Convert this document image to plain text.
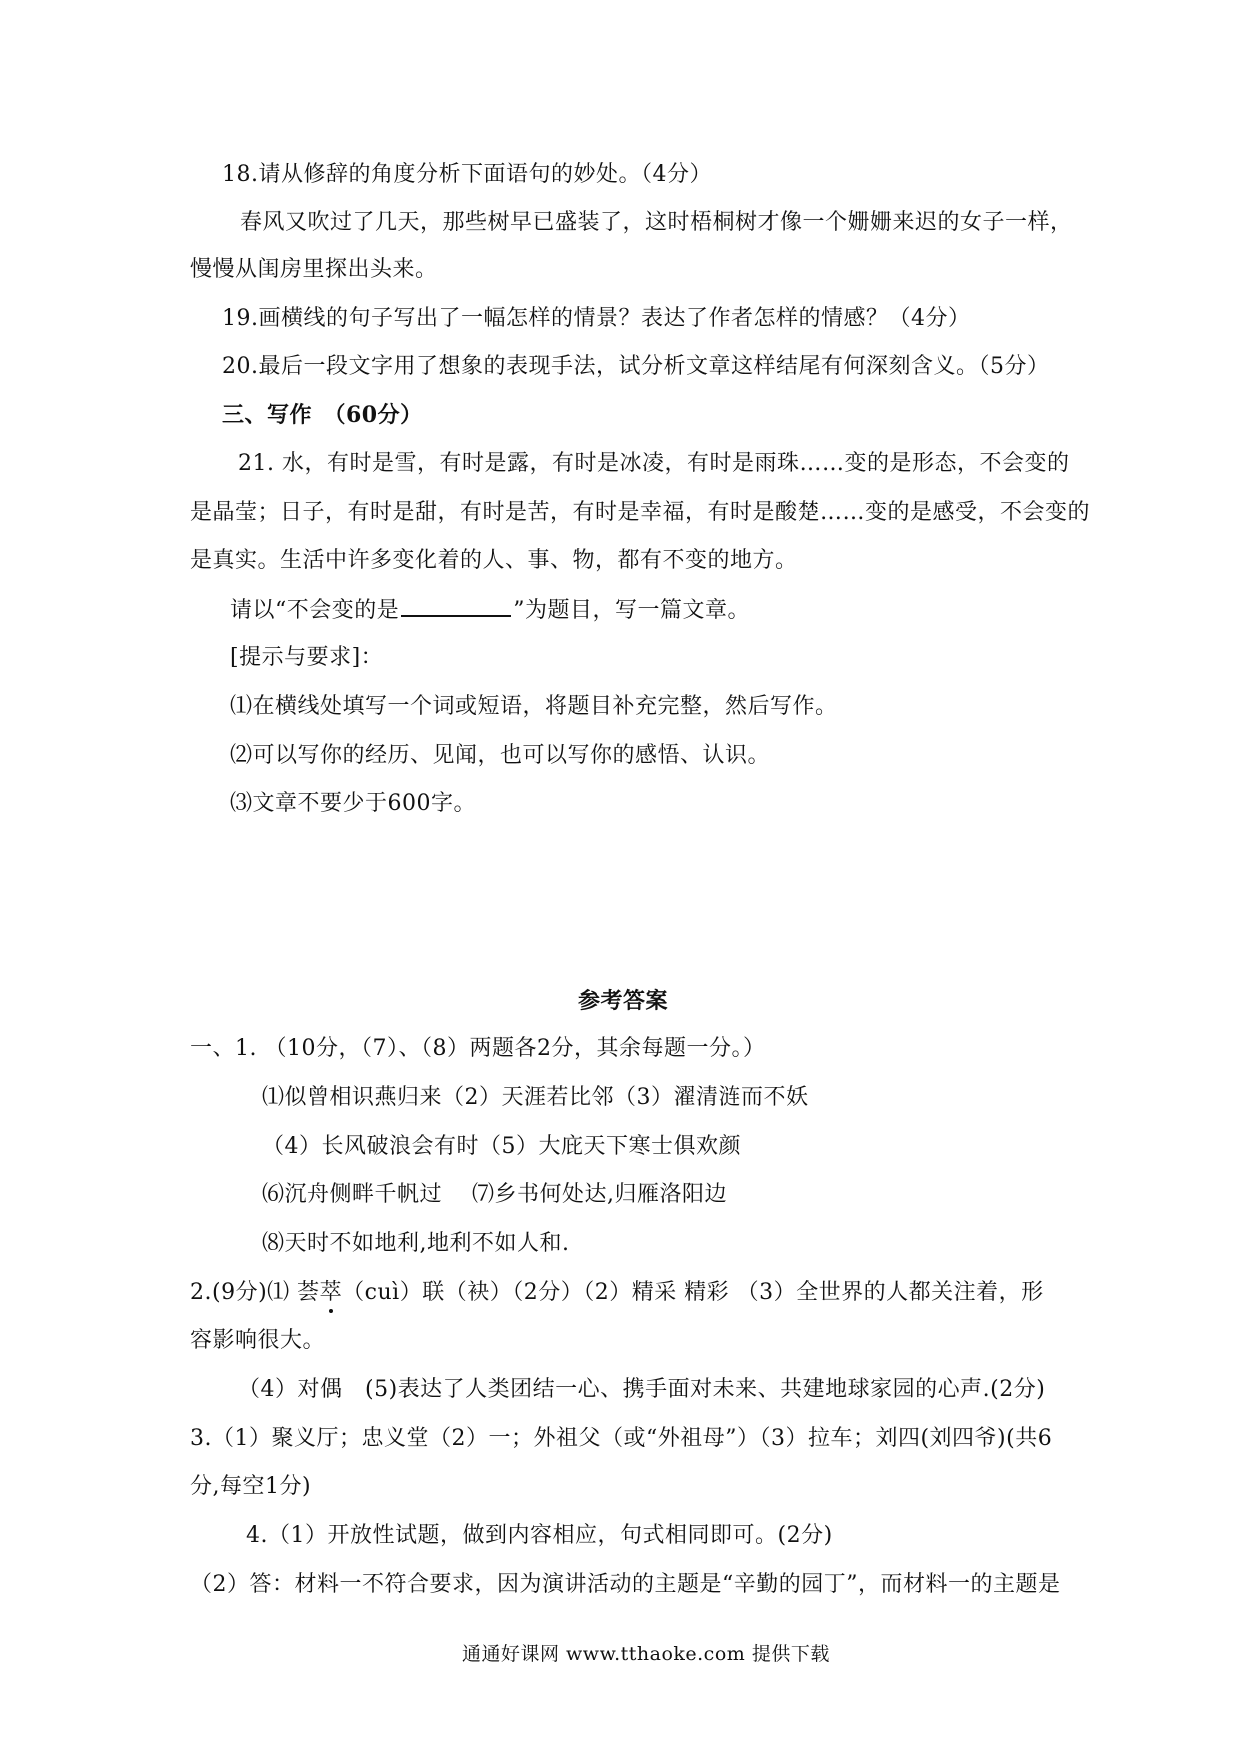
18.请从修辞的角度分析下面语句的妙处。（4分）
春风又吹过了几天，那些树早已盛装了，这时梧桐树才像一个姗姗来迟的女子一样，
慢慢从闺房里探出头来。
19.画横线的句子写出了一幅怎样的情景？表达了作者怎样的情感？（4分）
20.最后一段文字用了想象的表现手法，试分析文章这样结尾有何深刻含义。（5分）
三、写作　（60分）
21. 水，有时是雪，有时是露，有时是冰凌，有时是雨珠……变的是形态，不会变的
是晶莹；日子，有时是甜，有时是苦，有时是幸福，有时是酸楚……变的是感受，不会变的
是真实。生活中许多变化着的人、事、物，都有不变的地方。
请以“不会变的是	”为题目，写一篇文章。
[提示与要求]：
⑴在横线处填写一个词或短语，将题目补充完整，然后写作。
⑵可以写你的经历、见闻，也可以写你的感悟、认识。
⑶文章不要少于600字。
参考答案
一、1. （10分，（7）、（8）两题各2分，其余每题一分。）
⑴似曾相识燕归来（2）天涯若比邻（3）濯清涟而不妖
（4）长风破浪会有时（5）大庇天下寒士俱欢颜
⑹沉舟侧畔千帆过　 ⑺乡书何处达,归雁洛阳边
⑻天时不如地利,地利不如人和.
2.(9分)⑴ 荟萃（cuì）联（袂）（2分）（2）精采 精彩 （3）全世界的人都关注着，形
容影响很大。
（4）对偶　(5)表达了人类团结一心、携手面对未来、共建地球家园的心声.(2分)
3.（1）聚义厅；忠义堂（2）一；外祖父（或“外祖母”）（3）拉车；刘四(刘四爷)(共6
分,每空1分)
4.（1）开放性试题，做到内容相应，句式相同即可。(2分)
（2）答：材料一不符合要求，因为演讲活动的主题是“辛勤的园丁”，而材料一的主题是
通通好课网 www.tthaoke.com 提供下载
